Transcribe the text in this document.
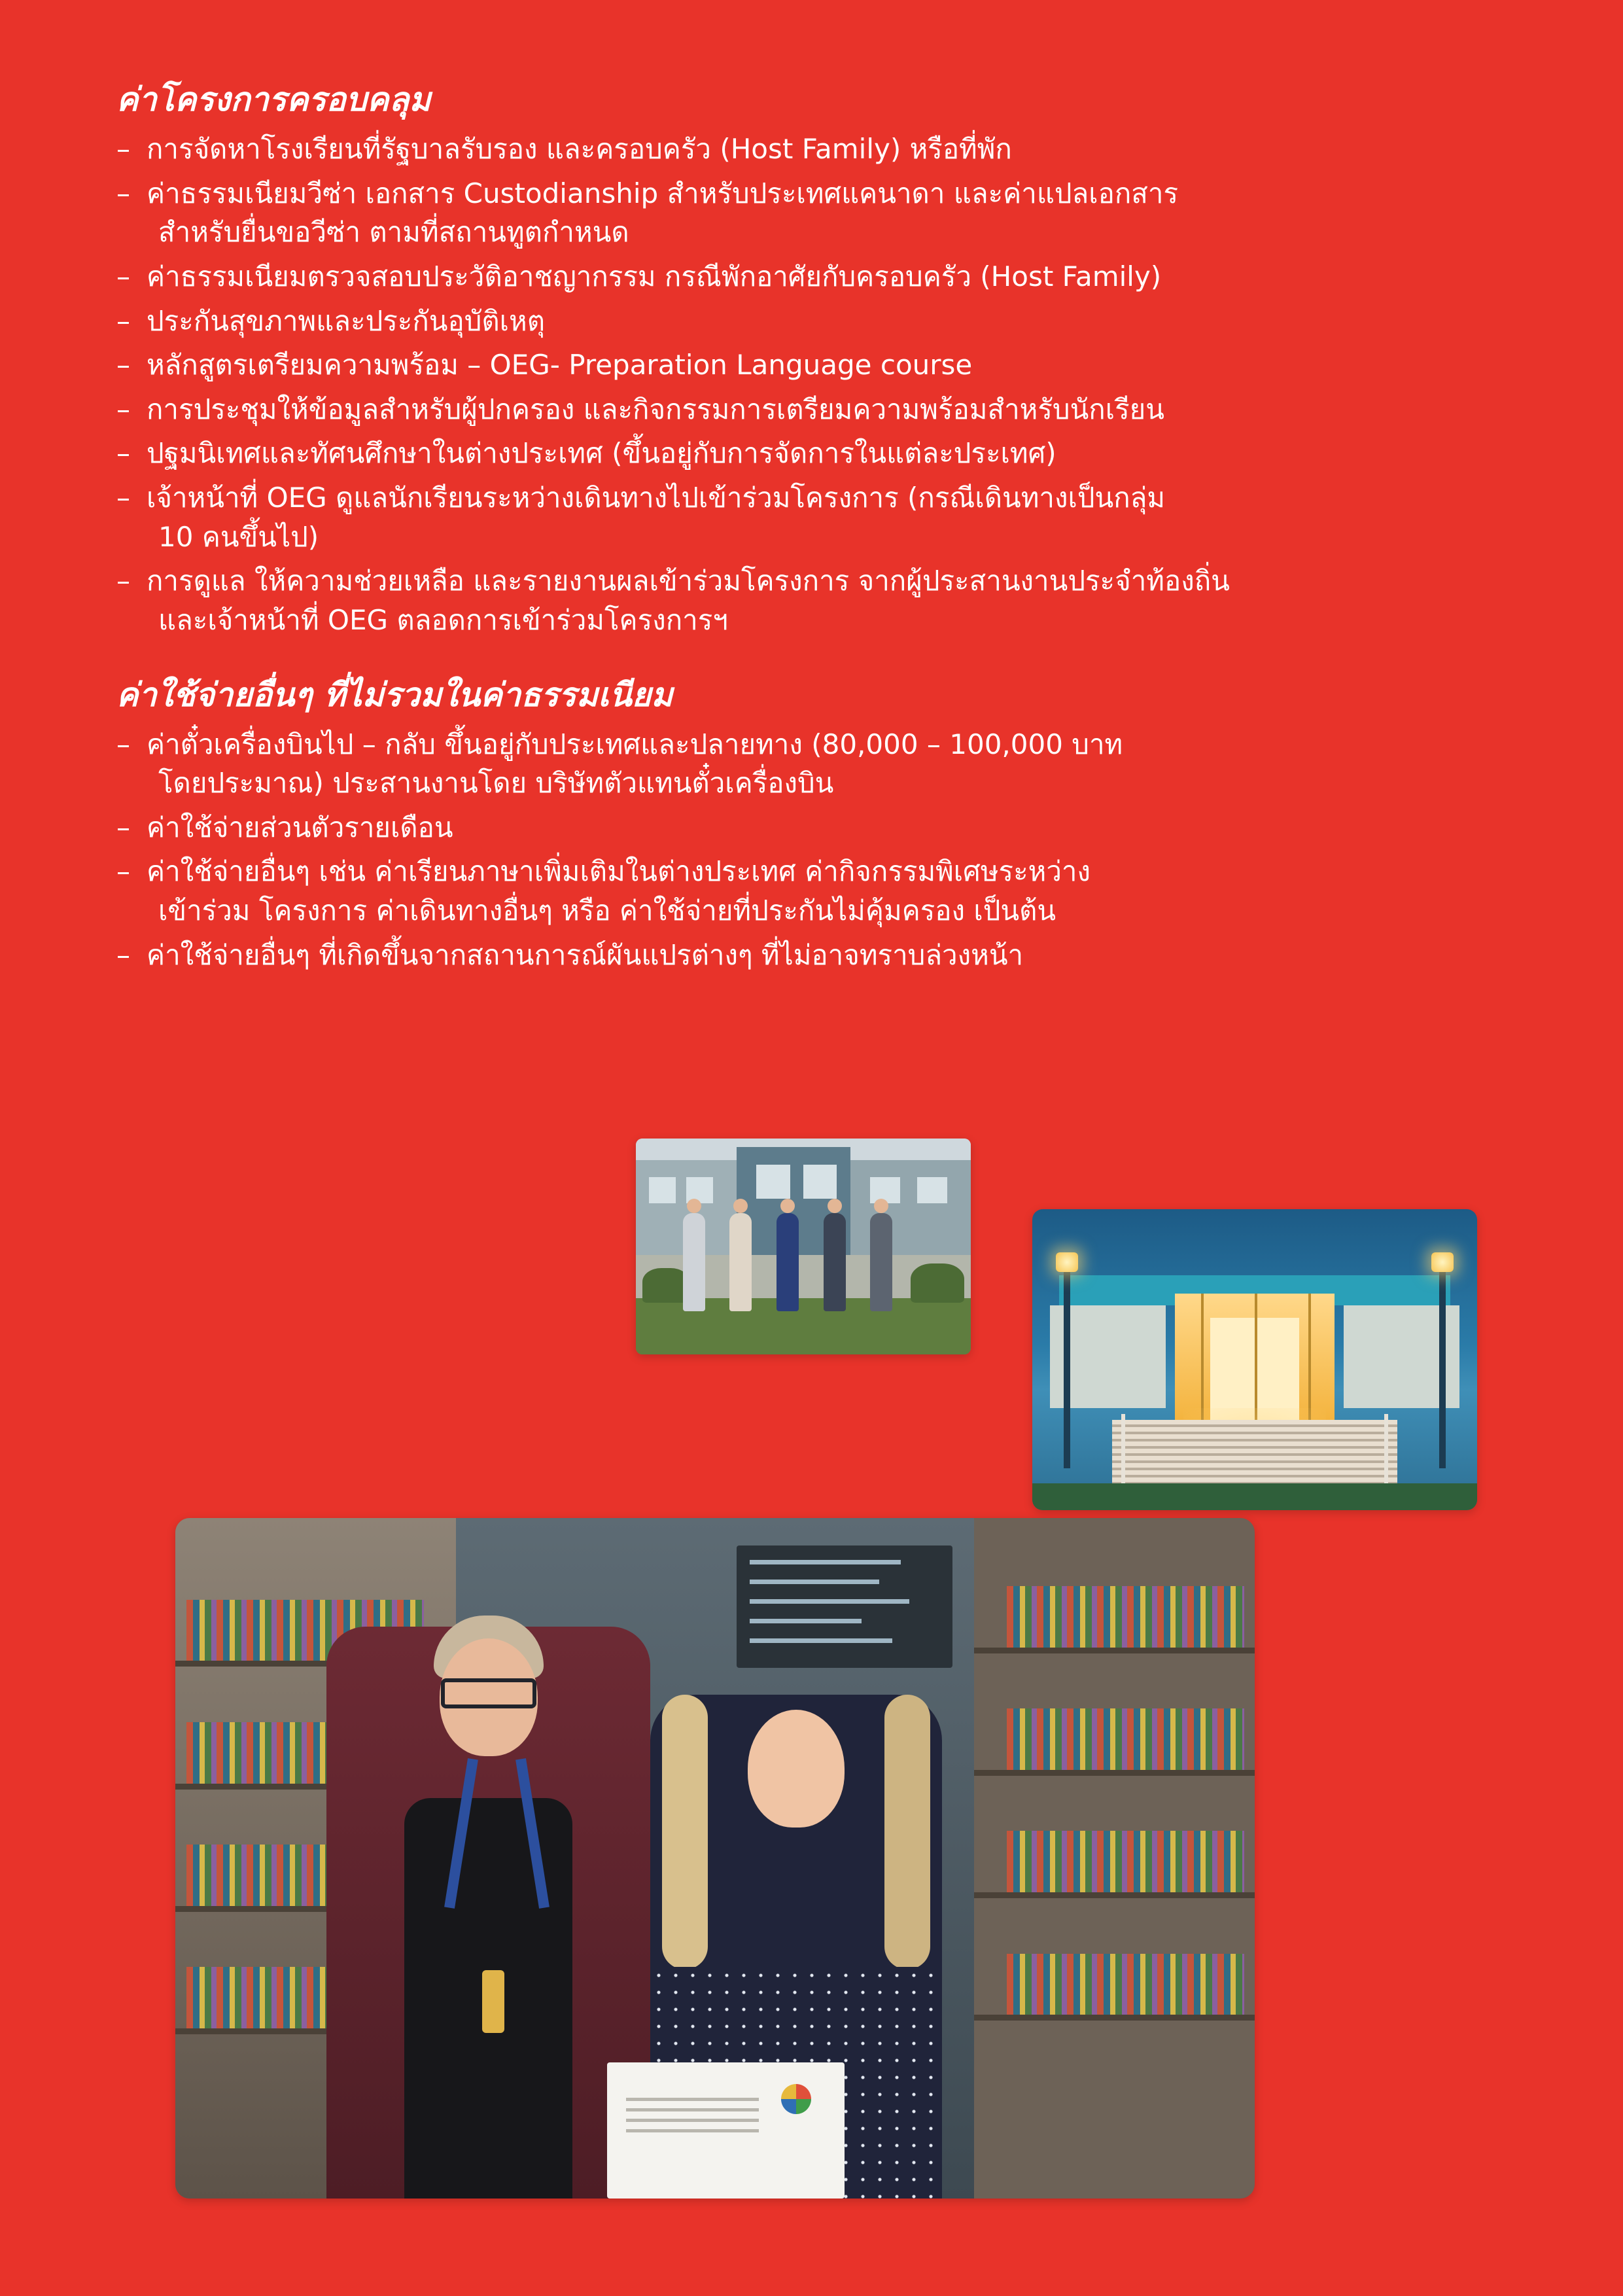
ค่าโครงการครอบคลุม
– การจัดหาโรงเรียนที่รัฐบาลรับรอง และครอบครัว (Host Family) หรือที่พัก
– ค่าธรรมเนียมวีซ่า เอกสาร Custodianship สำหรับประเทศแคนาดา และค่าแปลเอกสาร
สำหรับยื่นขอวีซ่า ตามที่สถานทูตกำหนด
– ค่าธรรมเนียมตรวจสอบประวัติอาชญากรรม กรณีพักอาศัยกับครอบครัว (Host Family)
– ประกันสุขภาพและประกันอุบัติเหตุ
– หลักสูตรเตรียมความพร้อม – OEG- Preparation Language course
– การประชุมให้ข้อมูลสำหรับผู้ปกครอง และกิจกรรมการเตรียมความพร้อมสำหรับนักเรียน
– ปฐมนิเทศและทัศนศึกษาในต่างประเทศ (ขึ้นอยู่กับการจัดการในแต่ละประเทศ)
– เจ้าหน้าที่ OEG ดูแลนักเรียนระหว่างเดินทางไปเข้าร่วมโครงการ (กรณีเดินทางเป็นกลุ่ม
10 คนขึ้นไป)
– การดูแล ให้ความช่วยเหลือ และรายงานผลเข้าร่วมโครงการ จากผู้ประสานงานประจำท้องถิ่น
และเจ้าหน้าที่ OEG ตลอดการเข้าร่วมโครงการฯ
ค่าใช้จ่ายอื่นๆ ที่ไม่รวมในค่าธรรมเนียม
– ค่าตั๋วเครื่องบินไป – กลับ ขึ้นอยู่กับประเทศและปลายทาง (80,000 – 100,000 บาท
โดยประมาณ) ประสานงานโดย บริษัทตัวแทนตั๋วเครื่องบิน
– ค่าใช้จ่ายส่วนตัวรายเดือน
– ค่าใช้จ่ายอื่นๆ เช่น ค่าเรียนภาษาเพิ่มเติมในต่างประเทศ ค่ากิจกรรมพิเศษระหว่าง
เข้าร่วม โครงการ ค่าเดินทางอื่นๆ หรือ ค่าใช้จ่ายที่ประกันไม่คุ้มครอง เป็นต้น
– ค่าใช้จ่ายอื่นๆ ที่เกิดขึ้นจากสถานการณ์ผันแปรต่างๆ ที่ไม่อาจทราบล่วงหน้า
